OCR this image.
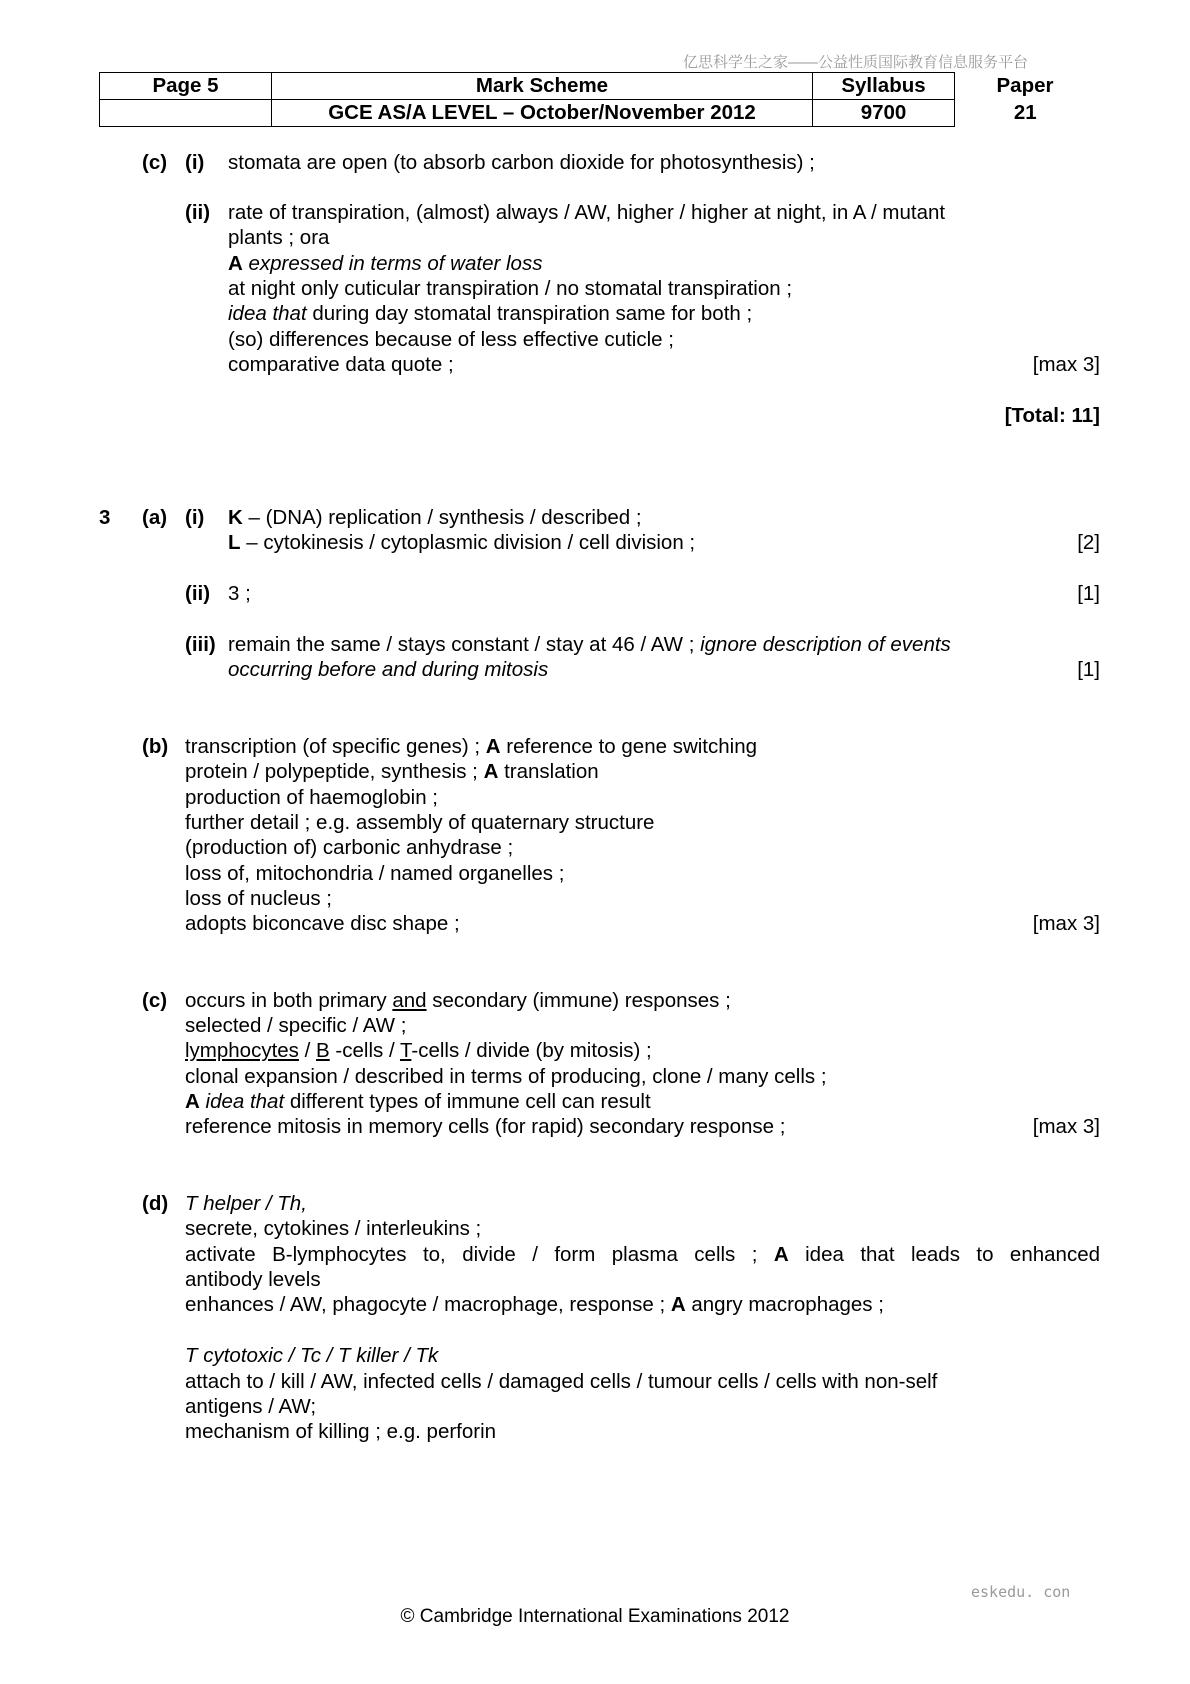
亿思科学生之家——公益性质国际教育信息服务平台
Page 5	Mark Scheme	Syllabus	Paper
	GCE AS/A LEVEL – October/November 2012	9700	21
(c) (i) stomata are open (to absorb carbon dioxide for photosynthesis) ;
(ii) rate of transpiration, (almost) always / AW, higher / higher at night, in A / mutant
plants ; ora
A expressed in terms of water loss
at night only cuticular transpiration / no stomatal transpiration ;
idea that during day stomatal transpiration same for both ;
(so) differences because of less effective cuticle ;
comparative data quote ;	[max 3]
[Total: 11]
3 (a) (i) K – (DNA) replication / synthesis / described ;
L – cytokinesis / cytoplasmic division / cell division ;	[2]
(ii) 3 ;	[1]
(iii) remain the same / stays constant / stay at 46 / AW ; ignore description of events
occurring before and during mitosis	[1]
(b) transcription (of specific genes) ; A reference to gene switching
protein / polypeptide, synthesis ; A translation
production of haemoglobin ;
further detail ; e.g. assembly of quaternary structure
(production of) carbonic anhydrase ;
loss of, mitochondria / named organelles ;
loss of nucleus ;
adopts biconcave disc shape ;	[max 3]
(c) occurs in both primary and secondary (immune) responses ;
selected / specific / AW ;
lymphocytes / B -cells / T-cells / divide (by mitosis) ;
clonal expansion / described in terms of producing, clone / many cells ;
A idea that different types of immune cell can result
reference mitosis in memory cells (for rapid) secondary response ;	[max 3]
(d) T helper / Th,
secrete, cytokines / interleukins ;
activate B-lymphocytes to, divide / form plasma cells ; A idea that leads to enhanced
antibody levels
enhances / AW, phagocyte / macrophage, response ; A angry macrophages ;
T cytotoxic / Tc / T killer / Tk
attach to / kill / AW, infected cells / damaged cells / tumour cells / cells with non-self
antigens / AW;
mechanism of killing ; e.g. perforin
eskedu. con
© Cambridge International Examinations 2012
